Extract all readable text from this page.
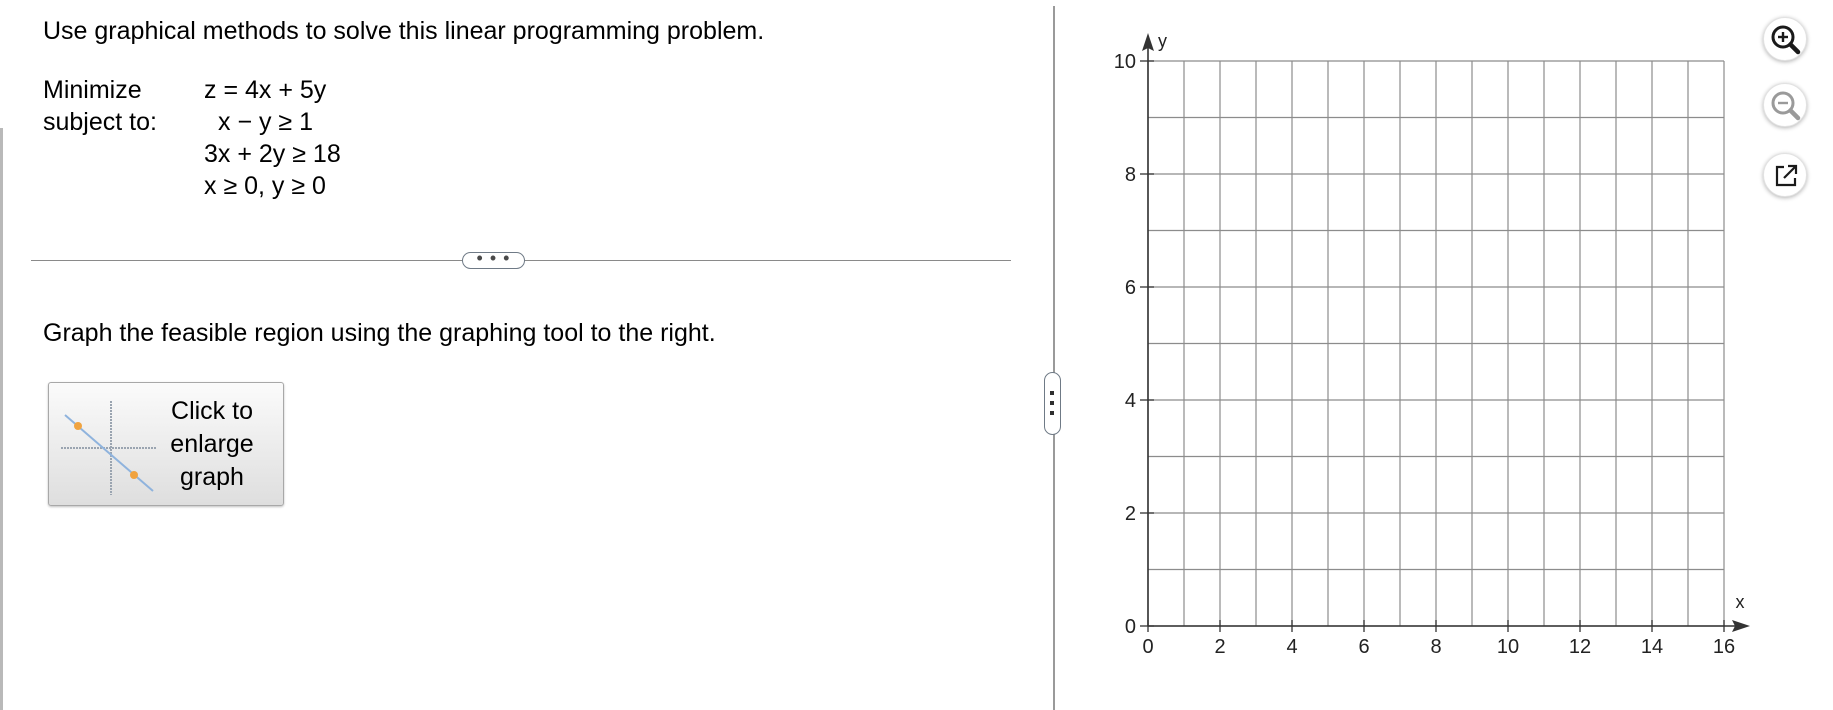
Use graphical methods to solve this linear programming problem.
Minimize z = 4x + 5y
subject to: x − y ≥ 1
3x + 2y ≥ 18
x ≥ 0, y ≥ 0
• • •
Graph the feasible region using the graphing tool to the right.
Click to enlarge graph
0	2	4	6	8	10 12 14 16
0
2
4
6
8
10
x
y
